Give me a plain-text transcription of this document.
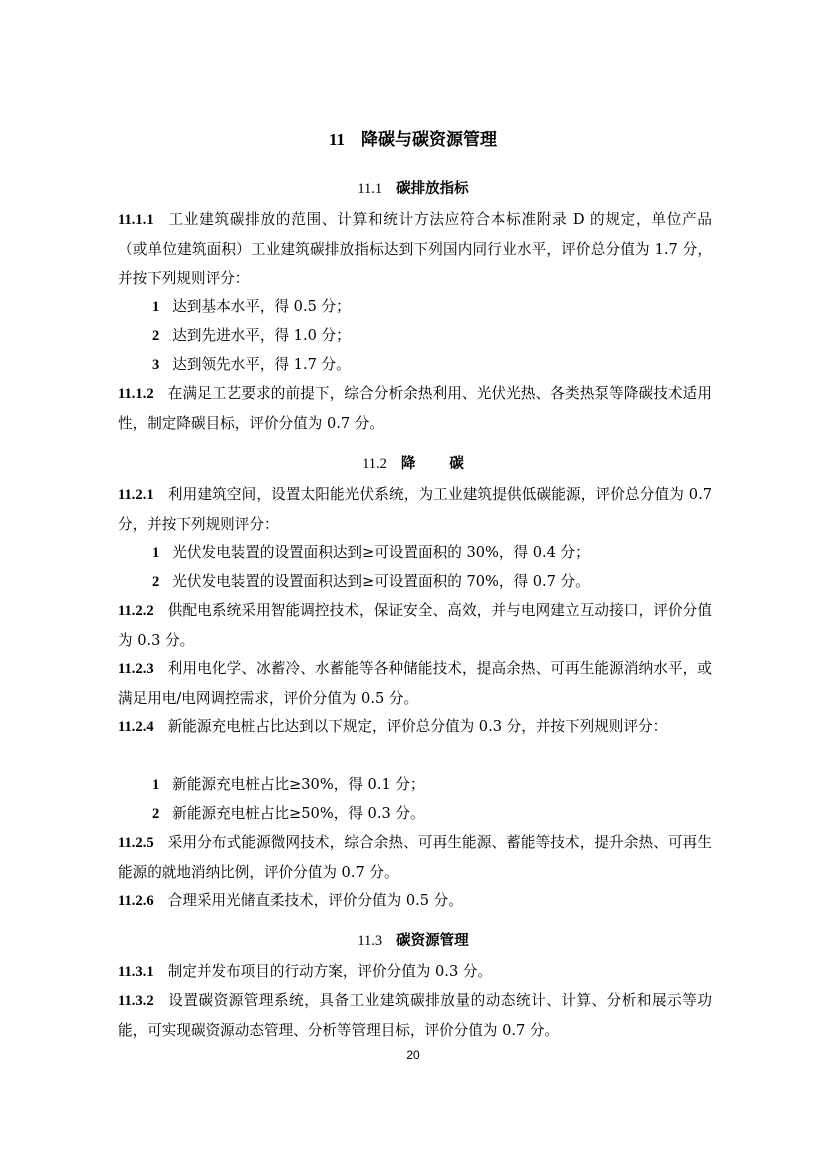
11 降碳与碳资源管理
11.1 碳排放指标
11.1.1 工业建筑碳排放的范围、计算和统计方法应符合本标准附录 D 的规定，单位产品（或单位建筑面积）工业建筑碳排放指标达到下列国内同行业水平，评价总分值为 1.7 分，并按下列规则评分：
1 达到基本水平，得 0.5 分；
2 达到先进水平，得 1.0 分；
3 达到领先水平，得 1.7 分。
11.1.2 在满足工艺要求的前提下，综合分析余热利用、光伏光热、各类热泵等降碳技术适用性，制定降碳目标，评价分值为 0.7 分。
11.2 降碳
11.2.1 利用建筑空间，设置太阳能光伏系统，为工业建筑提供低碳能源，评价总分值为 0.7 分，并按下列规则评分：
1 光伏发电装置的设置面积达到≥可设置面积的 30%，得 0.4 分；
2 光伏发电装置的设置面积达到≥可设置面积的 70%，得 0.7 分。
11.2.2 供配电系统采用智能调控技术，保证安全、高效，并与电网建立互动接口，评价分值为 0.3 分。
11.2.3 利用电化学、冰蓄冷、水蓄能等各种储能技术，提高余热、可再生能源消纳水平，或满足用电/电网调控需求，评价分值为 0.5 分。
11.2.4 新能源充电桩占比达到以下规定，评价总分值为 0.3 分，并按下列规则评分：
1 新能源充电桩占比≥30%，得 0.1 分；
2 新能源充电桩占比≥50%，得 0.3 分。
11.2.5 采用分布式能源微网技术，综合余热、可再生能源、蓄能等技术，提升余热、可再生能源的就地消纳比例，评价分值为 0.7 分。
11.2.6 合理采用光储直柔技术，评价分值为 0.5 分。
11.3 碳资源管理
11.3.1 制定并发布项目的行动方案，评价分值为 0.3 分。
11.3.2 设置碳资源管理系统，具备工业建筑碳排放量的动态统计、计算、分析和展示等功能，可实现碳资源动态管理、分析等管理目标，评价分值为 0.7 分。
20
